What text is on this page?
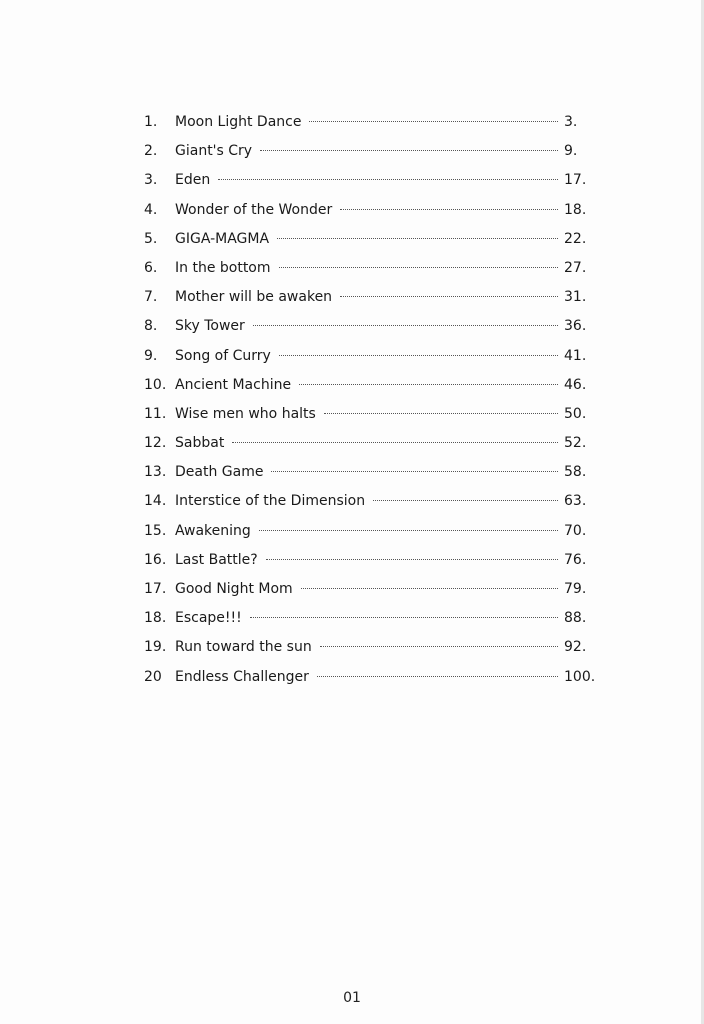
1.	Moon Light Dance	3.
2.	Giant's Cry	9.
3.	Eden	17.
4.	Wonder of the Wonder	18.
5.	GIGA-MAGMA	22.
6.	In the bottom	27.
7.	Mother will be awaken	31.
8.	Sky Tower	36.
9.	Song of Curry	41.
10. Ancient Machine	46.
11. Wise men who halts	50.
12. Sabbat	52.
13. Death Game	58.
14. Interstice of the Dimension	63.
15. Awakening	70.
16. Last Battle?	76.
17. Good Night Mom	79.
18. Escape!!!	88.
19. Run toward the sun	92.
20 Endless Challenger	100.
01
